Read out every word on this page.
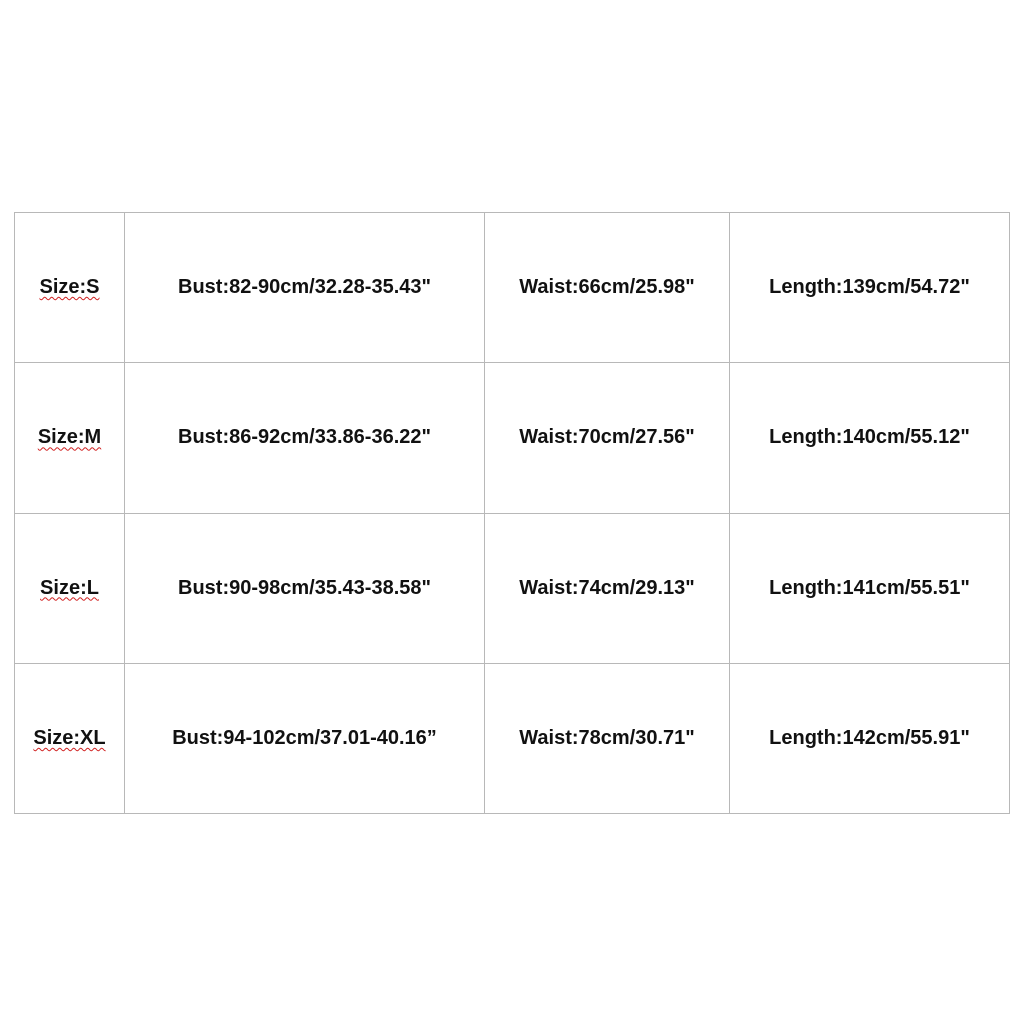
Size:S	Bust:82-90cm/32.28-35.43"	Waist:66cm/25.98"	Length:139cm/54.72"
Size:M	Bust:86-92cm/33.86-36.22"	Waist:70cm/27.56"	Length:140cm/55.12"
Size:L	Bust:90-98cm/35.43-38.58"	Waist:74cm/29.13"	Length:141cm/55.51"
Size:XL	Bust:94-102cm/37.01-40.16”	Waist:78cm/30.71"	Length:142cm/55.91"
